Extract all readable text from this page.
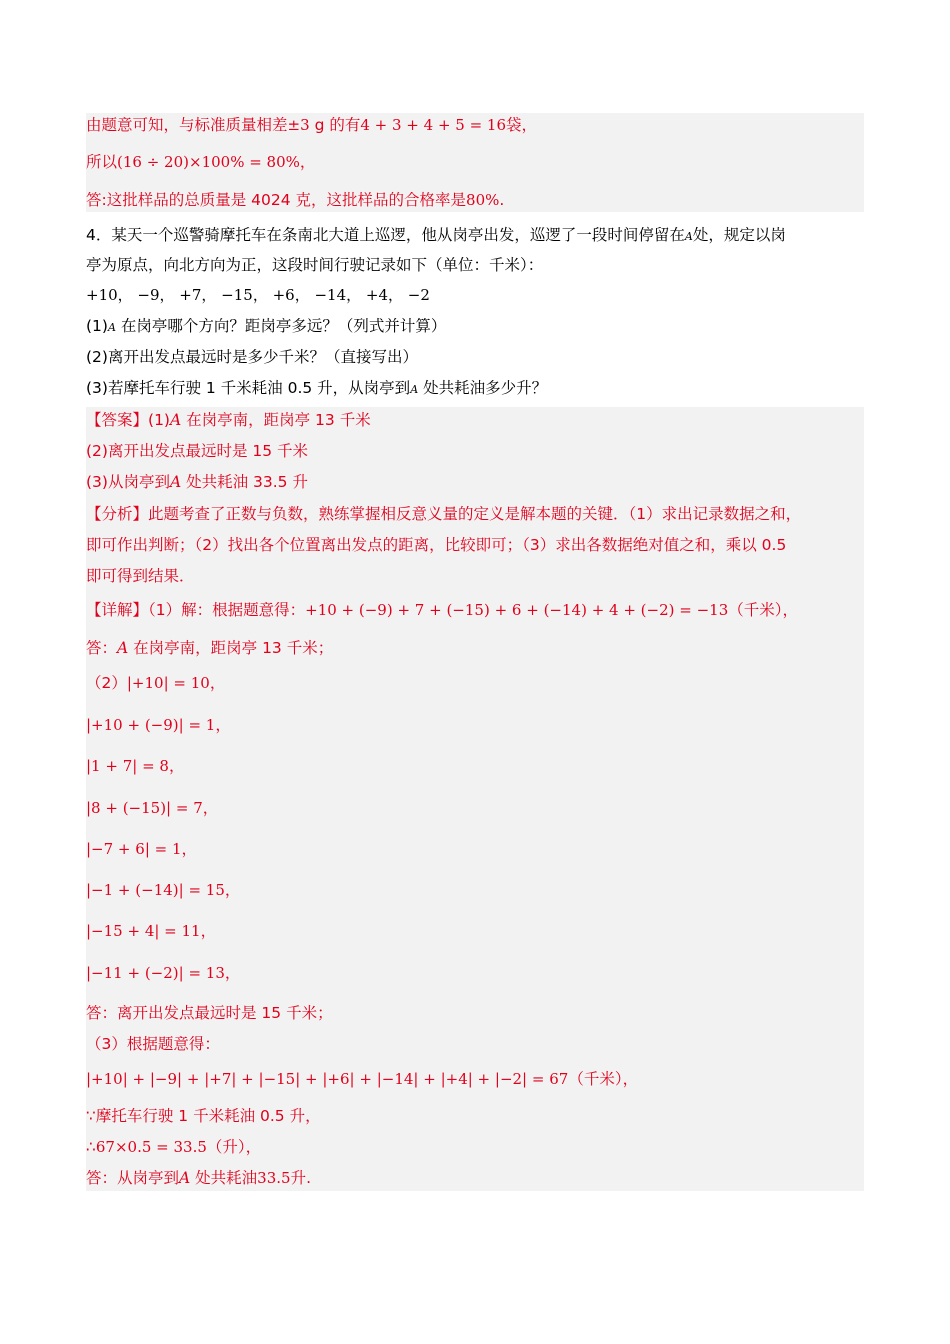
由题意可知，与标准质量相差±3 g 的有4 + 3 + 4 + 5 = 16袋，
所以(16 ÷ 20)×100% = 80%，
答:这批样品的总质量是 4024 克，这批样品的合格率是80%.
4．某天一个巡警骑摩托车在条南北大道上巡逻，他从岗亭出发，巡逻了一段时间停留在A处，规定以岗
亭为原点，向北方向为正，这段时间行驶记录如下（单位：千米）：
+10， −9， +7， −15， +6， −14， +4， −2
(1)A 在岗亭哪个方向？距岗亭多远？（列式并计算）
(2)离开出发点最远时是多少千米？（直接写出）
(3)若摩托车行驶 1 千米耗油 0.5 升，从岗亭到A 处共耗油多少升？
【答案】(1)A 在岗亭南，距岗亭 13 千米
(2)离开出发点最远时是 15 千米
(3)从岗亭到A 处共耗油 33.5 升
【分析】此题考查了正数与负数，熟练掌握相反意义量的定义是解本题的关键．（1）求出记录数据之和，
即可作出判断；（2）找出各个位置离出发点的距离，比较即可；（3）求出各数据绝对值之和，乘以 0.5
即可得到结果．
【详解】（1）解：根据题意得：+10 + (−9) + 7 + (−15) + 6 + (−14) + 4 + (−2) = −13（千米），
答：A 在岗亭南，距岗亭 13 千米；
（2）|+10| = 10，
|+10 + (−9)| = 1，
|1 + 7| = 8，
|8 + (−15)| = 7，
|−7 + 6| = 1，
|−1 + (−14)| = 15，
|−15 + 4| = 11，
|−11 + (−2)| = 13，
答：离开出发点最远时是 15 千米；
（3）根据题意得：
|+10| + |−9| + |+7| + |−15| + |+6| + |−14| + |+4| + |−2| = 67（千米），
∵摩托车行驶 1 千米耗油 0.5 升，
∴67×0.5 = 33.5（升），
答：从岗亭到A 处共耗油33.5升.
